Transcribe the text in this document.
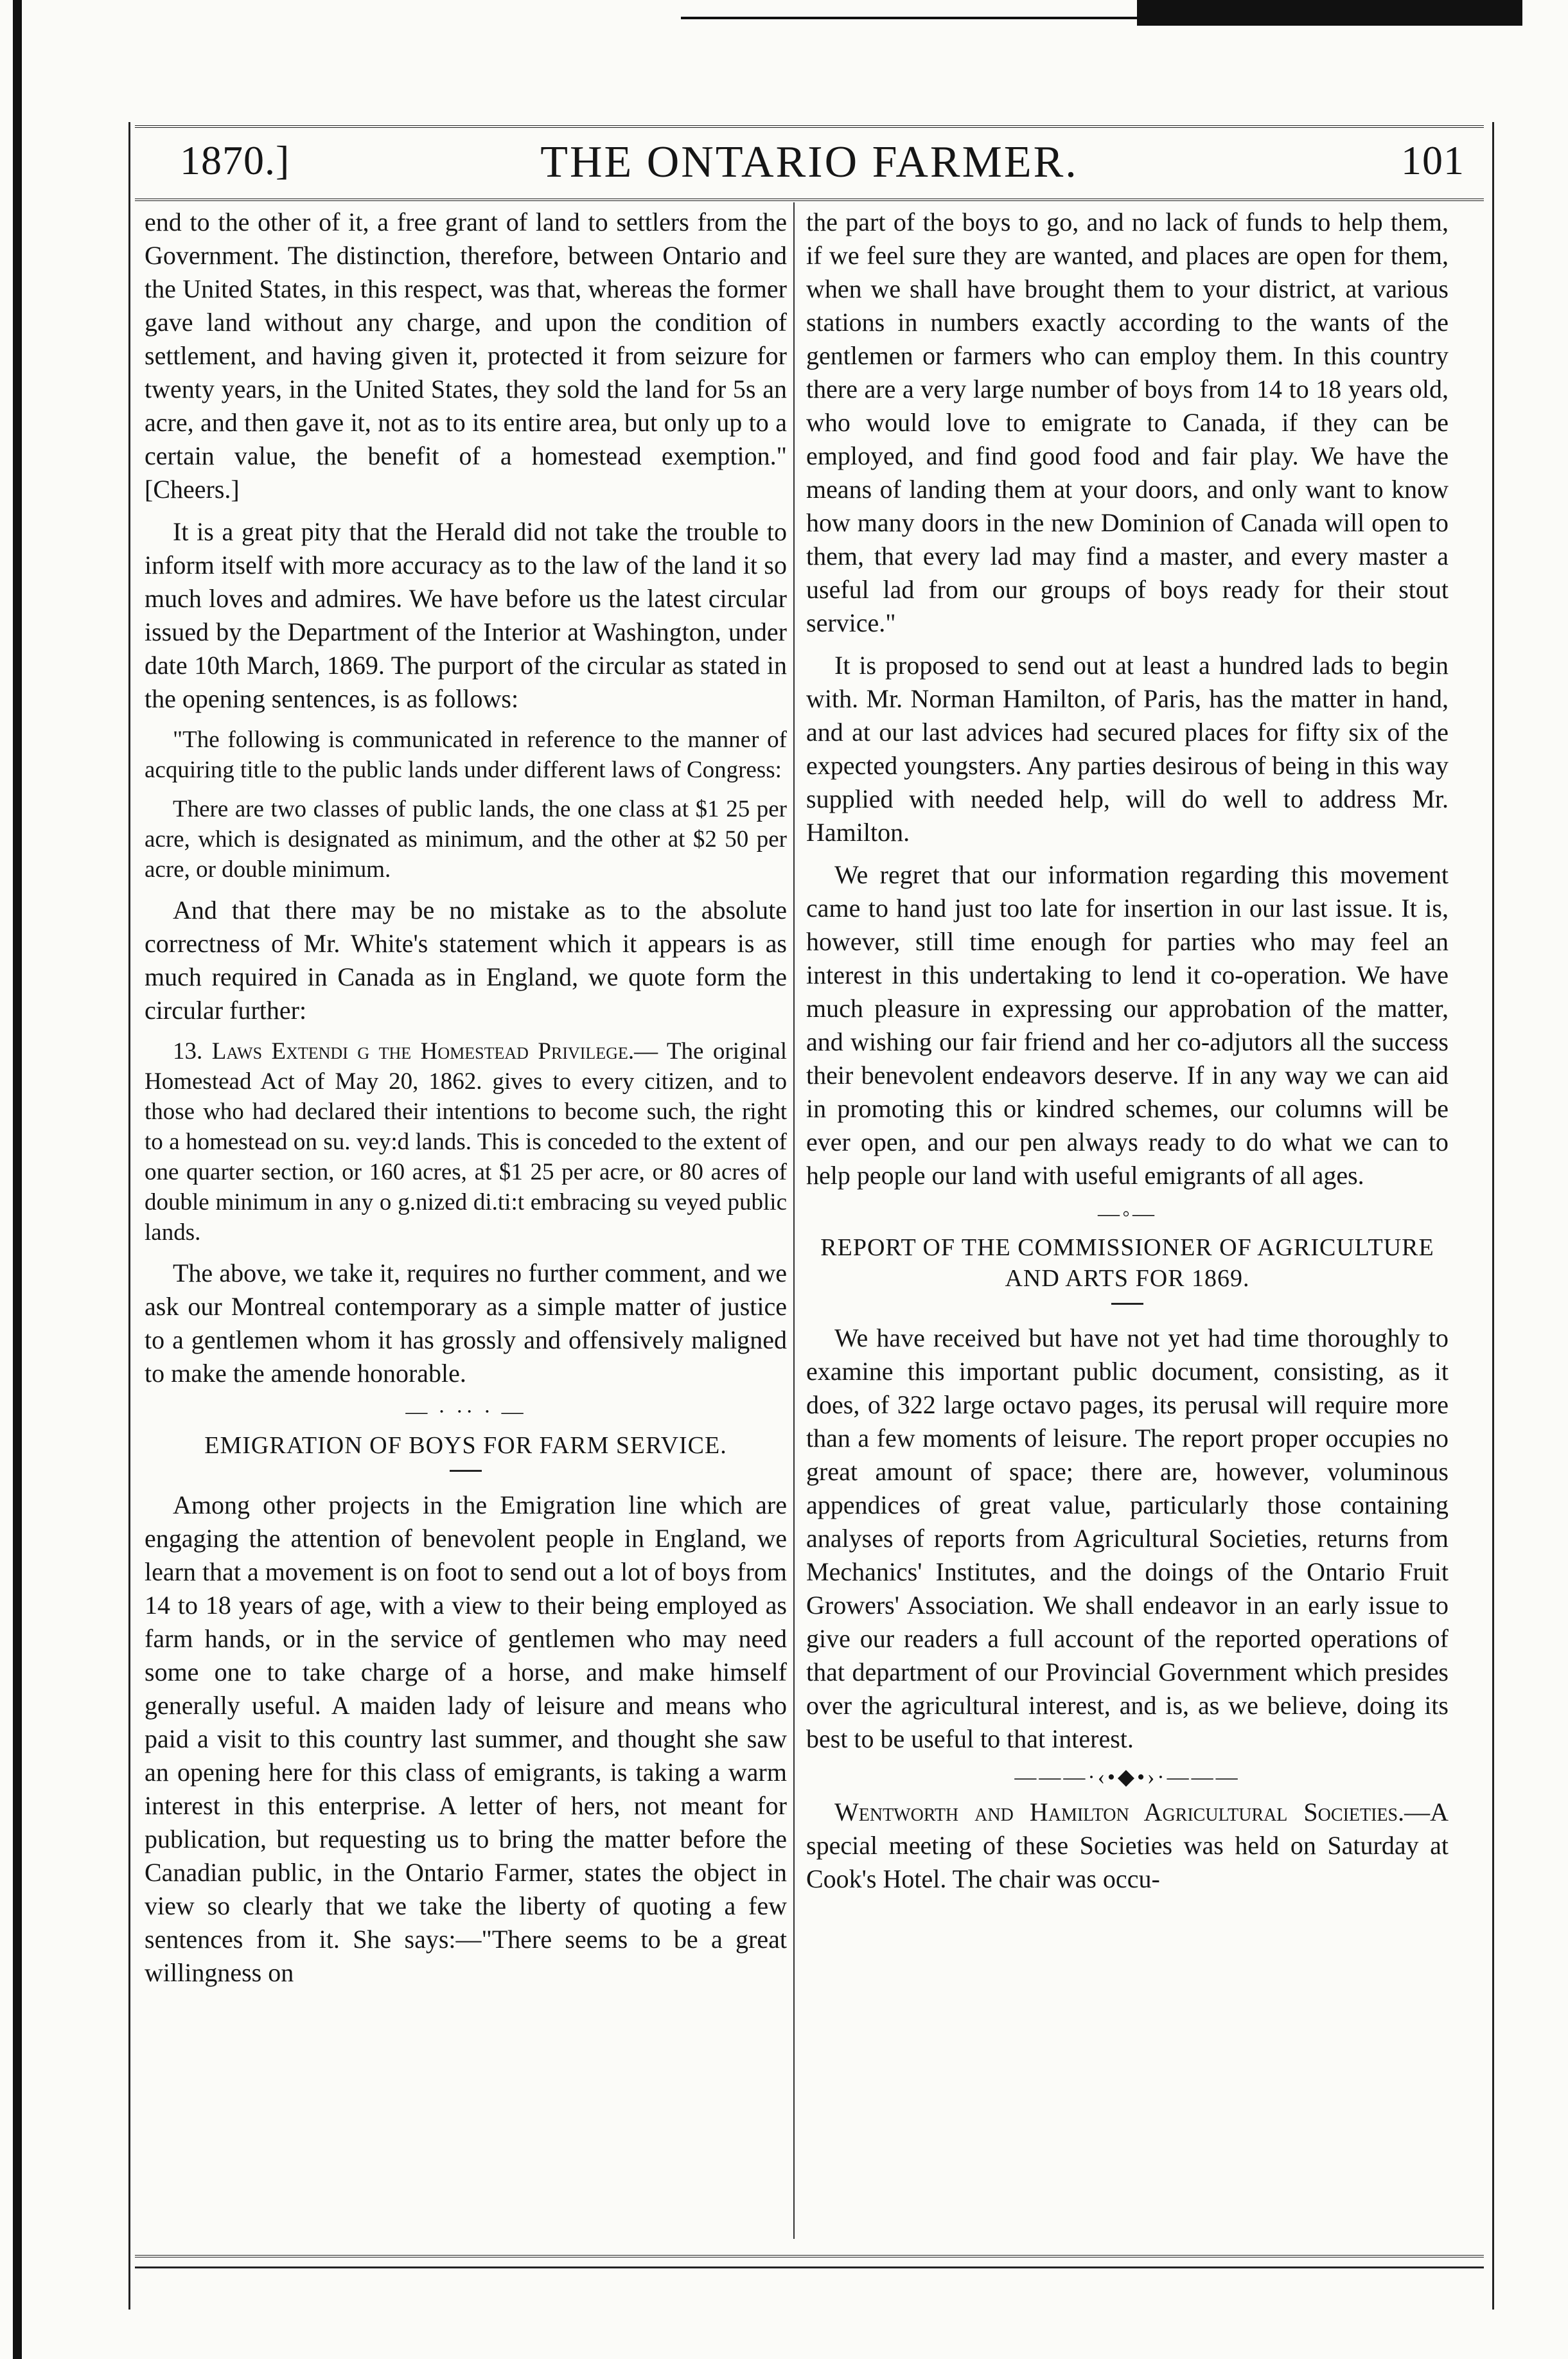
1870.]	THE ONTARIO FARMER.	101

end to the other of it, a free grant of land to settlers from the Government. The distinction, therefore, between Ontario and the United States, in this respect, was that, whereas the former gave land without any charge, and upon the condition of settlement, and having given it, protected it from seizure for twenty years, in the United States, they sold the land for 5s an acre, and then gave it, not as to its entire area, but only up to a certain value, the benefit of a homestead exemption." [Cheers.]

It is a great pity that the Herald did not take the trouble to inform itself with more accuracy as to the law of the land it so much loves and admires. We have before us the latest circular issued by the Department of the Interior at Washington, under date 10th March, 1869. The purport of the circular as stated in the opening sentences, is as follows:

"The following is communicated in reference to the manner of acquiring title to the public lands under different laws of Congress:

There are two classes of public lands, the one class at $1 25 per acre, which is designated as minimum, and the other at $2 50 per acre, or double minimum.

And that there may be no mistake as to the absolute correctness of Mr. White's statement which it appears is as much required in Canada as in England, we quote form the circular further:

13. Laws Extendi g the Homestead Privilege.— The original Homestead Act of May 20, 1862. gives to every citizen, and to those who had declared their intentions to become such, the right to a homestead on su. vey:d lands. This is conceded to the extent of one quarter section, or 160 acres, at $1 25 per acre, or 80 acres of double minimum in any o g.nized di.ti:t embracing su veyed public lands.

The above, we take it, requires no further comment, and we ask our Montreal contemporary as a simple matter of justice to a gentlemen whom it has grossly and offensively maligned to make the amende honorable.

— · ·· · —
EMIGRATION OF BOYS FOR FARM SERVICE.

Among other projects in the Emigration line which are engaging the attention of benevolent people in England, we learn that a movement is on foot to send out a lot of boys from 14 to 18 years of age, with a view to their being employed as farm hands, or in the service of gentlemen who may need some one to take charge of a horse, and make himself generally useful. A maiden lady of leisure and means who paid a visit to this country last summer, and thought she saw an opening here for this class of emigrants, is taking a warm interest in this enterprise. A letter of hers, not meant for publication, but requesting us to bring the matter before the Canadian public, in the Ontario Farmer, states the object in view so clearly that we take the liberty of quoting a few sentences from it. She says:—"There seems to be a great willingness on

the part of the boys to go, and no lack of funds to help them, if we feel sure they are wanted, and places are open for them, when we shall have brought them to your district, at various stations in numbers exactly according to the wants of the gentlemen or farmers who can employ them. In this country there are a very large number of boys from 14 to 18 years old, who would love to emigrate to Canada, if they can be employed, and find good food and fair play. We have the means of landing them at your doors, and only want to know how many doors in the new Dominion of Canada will open to them, that every lad may find a master, and every master a useful lad from our groups of boys ready for their stout service."

It is proposed to send out at least a hundred lads to begin with. Mr. Norman Hamilton, of Paris, has the matter in hand, and at our last advices had secured places for fifty six of the expected youngsters. Any parties desirous of being in this way supplied with needed help, will do well to address Mr. Hamilton.

We regret that our information regarding this movement came to hand just too late for insertion in our last issue. It is, however, still time enough for parties who may feel an interest in this undertaking to lend it co-operation. We have much pleasure in expressing our approbation of the matter, and wishing our fair friend and her co-adjutors all the success their benevolent endeavors deserve. If in any way we can aid in promoting this or kindred schemes, our columns will be ever open, and our pen always ready to do what we can to help people our land with useful emigrants of all ages.

—◦—
REPORT OF THE COMMISSIONER OF AGRICULTURE AND ARTS FOR 1869.

We have received but have not yet had time thoroughly to examine this important public document, consisting, as it does, of 322 large octavo pages, its perusal will require more than a few moments of leisure. The report proper occupies no great amount of space; there are, however, voluminous appendices of great value, particularly those containing analyses of reports from Agricultural Societies, returns from Mechanics' Institutes, and the doings of the Ontario Fruit Growers' Association. We shall endeavor in an early issue to give our readers a full account of the reported operations of that department of our Provincial Government which presides over the agricultural interest, and is, as we believe, doing its best to be useful to that interest.

———·‹•◆•›·———

Wentworth and Hamilton Agricultural Societies.—A special meeting of these Societies was held on Saturday at Cook's Hotel. The chair was occu-
